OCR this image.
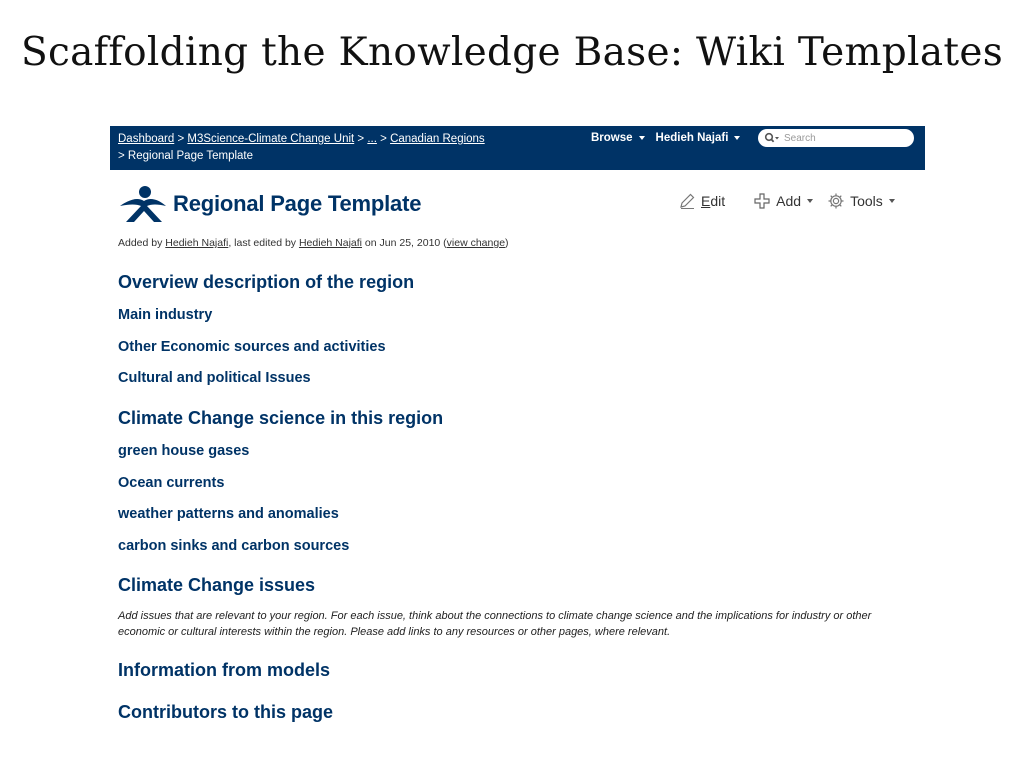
Scaffolding the Knowledge Base: Wiki Templates
Dashboard > M3Science-Climate Change Unit > ... > Canadian Regions
> Regional Page Template
Browse Hedieh Najafi
Search
Regional Page Template	Edit	Add	Tools
Added by Hedieh Najafi, last edited by Hedieh Najafi on Jun 25, 2010 (view change)
Overview description of the region
Main industry
Other Economic sources and activities
Cultural and political Issues
Climate Change science in this region
green house gases
Ocean currents
weather patterns and anomalies
carbon sinks and carbon sources
Climate Change issues
Add issues that are relevant to your region. For each issue, think about the connections to climate change science and the implications for industry or other economic or cultural interests within the region. Please add links to any resources or other pages, where relevant.
Information from models
Contributors to this page
